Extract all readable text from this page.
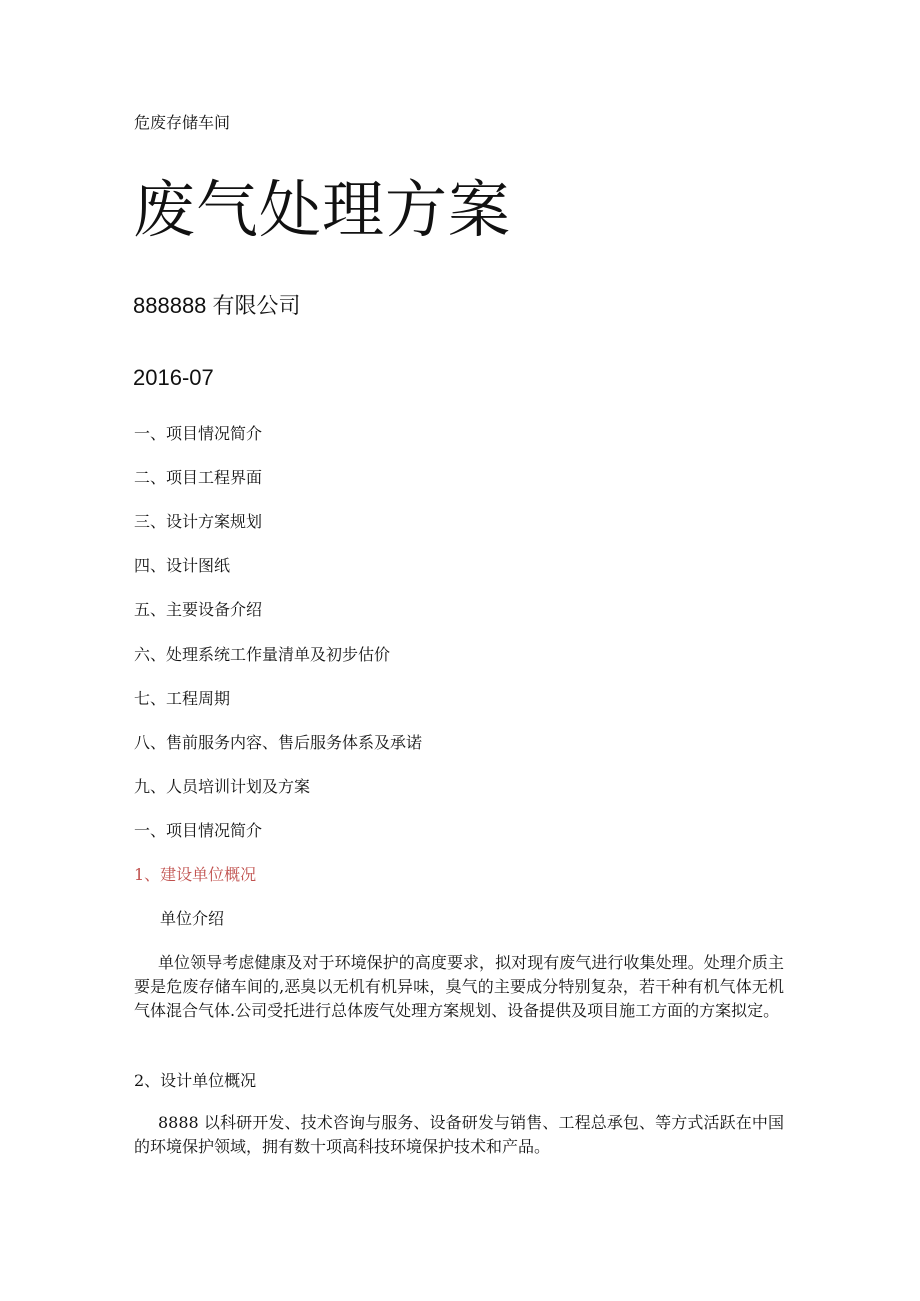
危废存储车间

废气处理方案

888888 有限公司

2016-07

一、项目情况简介

二、项目工程界面

三、设计方案规划

四、设计图纸

五、主要设备介绍

六、处理系统工作量清单及初步估价

七、工程周期

八、售前服务内容、售后服务体系及承诺

九、人员培训计划及方案

一、项目情况简介

1、建设单位概况

单位介绍

单位领导考虑健康及对于环境保护的高度要求，拟对现有废气进行收集处理。处理介质主要是危废存储车间的,恶臭以无机有机异味，臭气的主要成分特别复杂，若干种有机气体无机气体混合气体.公司受托进行总体废气处理方案规划、设备提供及项目施工方面的方案拟定。

2、设计单位概况

8888 以科研开发、技术咨询与服务、设备研发与销售、工程总承包、等方式活跃在中国的环境保护领域，拥有数十项高科技环境保护技术和产品。
